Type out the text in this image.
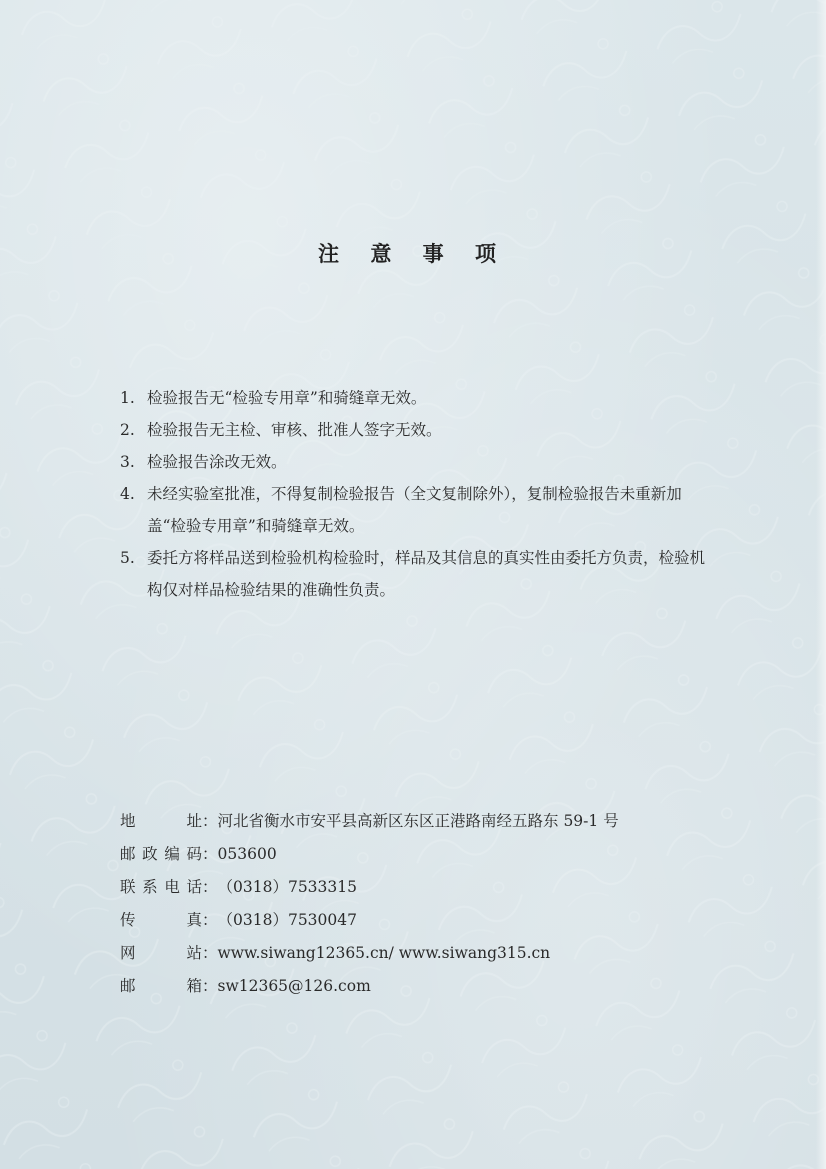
注 意 事 项
1. 检验报告无“检验专用章”和骑缝章无效。
2. 检验报告无主检、审核、批准人签字无效。
3. 检验报告涂改无效。
4. 未经实验室批准，不得复制检验报告（全文复制除外），复制检验报告未重新加盖“检验专用章”和骑缝章无效。
5. 委托方将样品送到检验机构检验时，样品及其信息的真实性由委托方负责，检验机构仅对样品检验结果的准确性负责。
地址：河北省衡水市安平县高新区东区正港路南经五路东 59-1 号
邮政编码：053600
联系电话：（0318）7533315
传真：（0318）7530047
网站：www.siwang12365.cn/ www.siwang315.cn
邮箱：sw12365@126.com
